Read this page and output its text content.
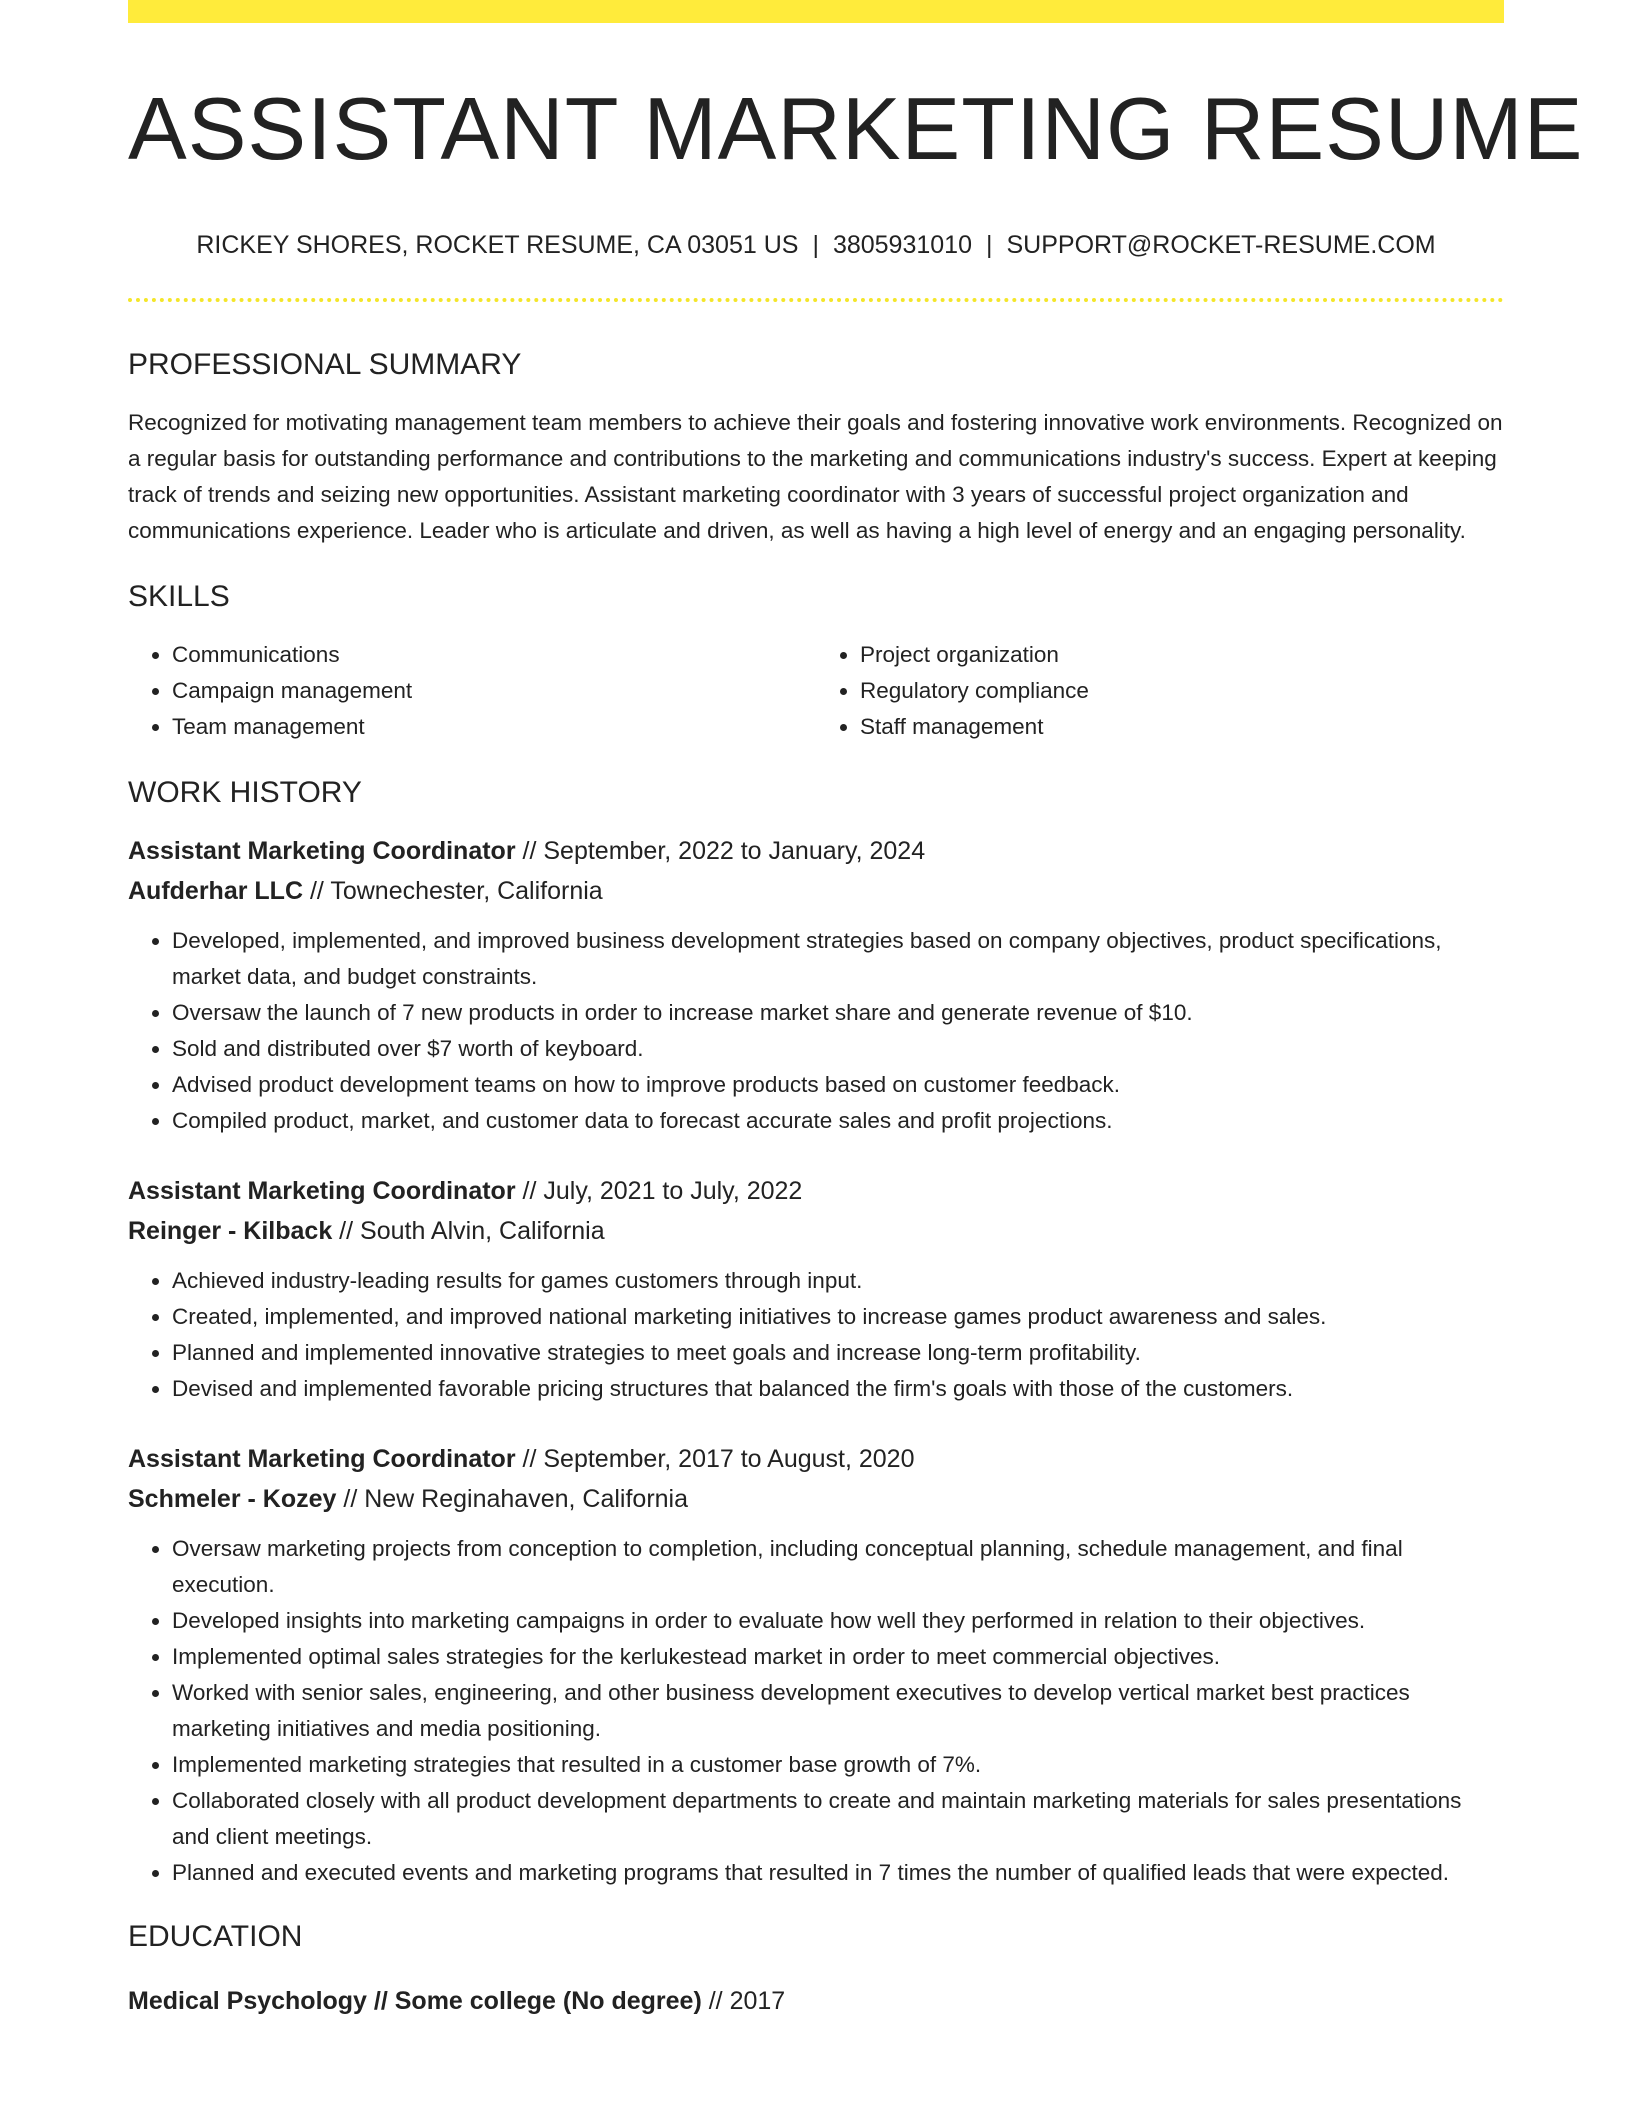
ASSISTANT MARKETING RESUME
RICKEY SHORES, ROCKET RESUME, CA 03051 US | 3805931010 | SUPPORT@ROCKET-RESUME.COM
PROFESSIONAL SUMMARY
Recognized for motivating management team members to achieve their goals and fostering innovative work environments. Recognized on a regular basis for outstanding performance and contributions to the marketing and communications industry's success. Expert at keeping track of trends and seizing new opportunities. Assistant marketing coordinator with 3 years of successful project organization and communications experience. Leader who is articulate and driven, as well as having a high level of energy and an engaging personality.
SKILLS
• Communications
• Campaign management
• Team management
• Project organization
• Regulatory compliance
• Staff management
WORK HISTORY
Assistant Marketing Coordinator // September, 2022 to January, 2024
Aufderhar LLC // Townechester, California
• Developed, implemented, and improved business development strategies based on company objectives, product specifications, market data, and budget constraints.
• Oversaw the launch of 7 new products in order to increase market share and generate revenue of $10.
• Sold and distributed over $7 worth of keyboard.
• Advised product development teams on how to improve products based on customer feedback.
• Compiled product, market, and customer data to forecast accurate sales and profit projections.
Assistant Marketing Coordinator // July, 2021 to July, 2022
Reinger - Kilback // South Alvin, California
• Achieved industry-leading results for games customers through input.
• Created, implemented, and improved national marketing initiatives to increase games product awareness and sales.
• Planned and implemented innovative strategies to meet goals and increase long-term profitability.
• Devised and implemented favorable pricing structures that balanced the firm's goals with those of the customers.
Assistant Marketing Coordinator // September, 2017 to August, 2020
Schmeler - Kozey // New Reginahaven, California
• Oversaw marketing projects from conception to completion, including conceptual planning, schedule management, and final execution.
• Developed insights into marketing campaigns in order to evaluate how well they performed in relation to their objectives.
• Implemented optimal sales strategies for the kerlukestead market in order to meet commercial objectives.
• Worked with senior sales, engineering, and other business development executives to develop vertical market best practices marketing initiatives and media positioning.
• Implemented marketing strategies that resulted in a customer base growth of 7%.
• Collaborated closely with all product development departments to create and maintain marketing materials for sales presentations and client meetings.
• Planned and executed events and marketing programs that resulted in 7 times the number of qualified leads that were expected.
EDUCATION
Medical Psychology // Some college (No degree) // 2017
